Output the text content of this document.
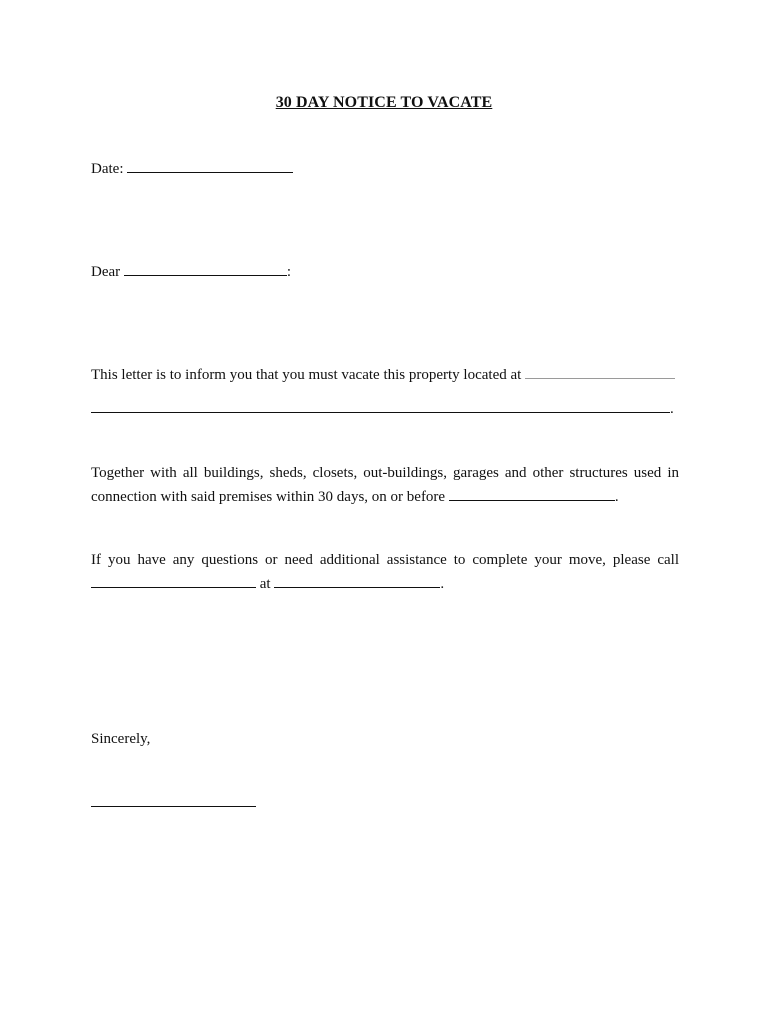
30 DAY NOTICE TO VACATE
Date:
Dear	:
This letter is to inform you that you must vacate this property located at
.
Together with all buildings, sheds, closets, out-buildings, garages and other structures used in
connection with said premises within 30 days, on or before	.
If you have any questions or need additional assistance to complete your move, please call
at	.
Sincerely,
